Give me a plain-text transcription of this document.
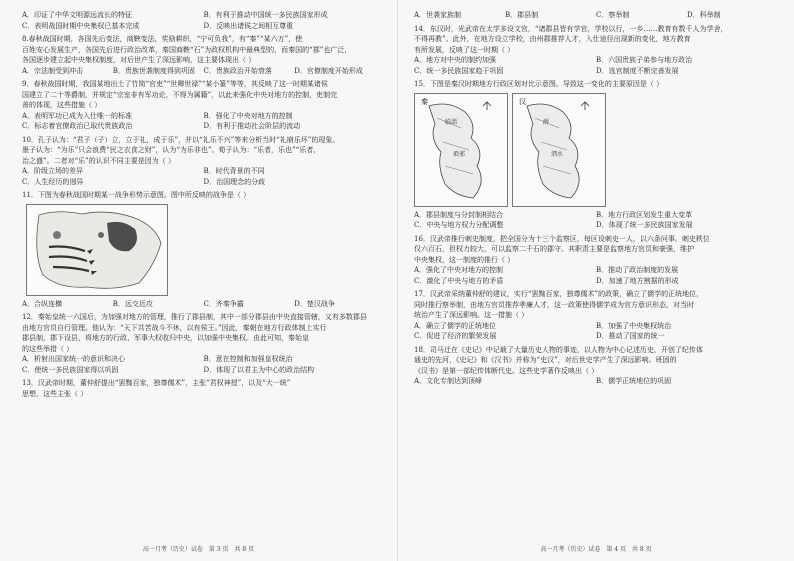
A．印证了中华文明源远流长的特征	B．有利于推动中国统一多民族国家形成
C．表明战国时期中央集权已基本完成	D．反映出诸侯之间相互尊重
8.春秋战国时期，各国先后变法，商鞅变法，奖励耕织，“宁可负我”，有“秦”“某六万”，使
百姓安心发展生产，各国先后进行政治改革，秦国商鞅“石”为政权机构中最典型的，而秦国的“郡”也广泛，
各国逐步建立起中央集权制度，对后世产生了深远影响，这主要体现出（ ）
A．宗法制受到冲击	B．贵族世袭制度得到巩固	C．贵族政治开始衰落	D．官僚制度开始形成
9．春秋战国时期，我国某地出土了竹简“官吏”“世卿世禄”“某小篆”等等，其反映了这一时期某诸侯
国建立了二十等爵制，并规定“宗室非有军功论，不得为属籍”，以此来强化中央对地方的控制，吏制完
善的体现，这些措施（ ）
A．表明军功已成为入仕唯一的标准	B．强化了中央对地方的控制
C．标志着官僚政治已取代贵族政治	D．有利于推动社会阶层的流动
10．孔子认为：“君子（子）立，立于礼，成于乐”，并以“礼乐不兴”等来分析当时“礼崩乐坏”的现象。
墨子认为：“为乐”只会浪费“民之衣食之财”，认为“为乐非也”。荀子认为：“乐者，乐也”“乐者，
治之盛”。二者对“乐”的认识不同主要是因为（ ）
A．阶级立场的差异	B．时代背景的不同
C．人生经历的迥异	D．治国理念的分歧
11．下图为春秋战国时期某一战争形势示意图。图中所反映的战争是（ ）
A．合纵连横	B．远交近攻	C．齐秦争霸	D．楚汉战争
12．秦始皇统一六国后，为加强对地方的管理，推行了郡县制，其中一部分郡县由中央直接管辖，又有多数郡县
由地方官员自行管理。他认为：“天下共苦战斗不休，以有侯王。”因此，秦朝在地方行政体制上实行
郡县制，郡下设县，将地方的行政、军事大权收归中央，以加强中央集权。由此可知，秦始皇
的这些举措（ ）
A．析射出国家统一的意识和决心	B．意在控制和加强皇权统治
C．使统一多民族国家得以巩固	D．体现了以君主为中心的政治结构
13．汉武帝时期，董仲舒提出“罢黜百家，独尊儒术”，主张“君权神授”，以及“大一统”
思想，这些主张（ ）
高一月考（历史）试卷　第 3 页　共 8 页
A．世袭家族制	B．郡县制	C．察举制	D．科举制
14．东汉时，光武帝在太学多设文官，“诸郡县皆有学官，学校以行，一乡……教育有数千人为学舍，
不得再教”。此外，在地方设立学校，由州郡推荐人才，入仕途径出现新的变化，地方教育
有所发展，反映了这一时期（ ）
A．地方对中央的制约加强	B．六国贵族子弟参与地方政治
C．统一多民族国家趋于巩固	D．选官制度不断完善发展
15．下图是秦汉时期地方行政区划对比示意图。导致这一变化的主要原因是（ ）
临淄
琅邪
秦
薛
泗水
汉
A．郡县制度与分封制相结合	B．地方行政区划发生重大变革
C．中央与地方权力分配调整	D．体现了统一多民族国家发展
16．汉武帝推行刺史制度，把全国分为十三个监察区，每区设刺史一人，以六条问事。刺史秩位
仅六百石，但权力较大，可以监察二千石的郡守。其职责主要是监察地方官员和豪强，维护
中央集权，这一制度的推行（ ）
A．强化了中央对地方的控制	B．推动了政治制度的发展
C．激化了中央与地方的矛盾	D．加速了地方割据的形成
17．汉武帝采纳董仲舒的建议，实行“罢黜百家，独尊儒术”的政策，确立了儒学的正统地位，
同时推行察举制，由地方官员推荐孝廉人才，这一政策使得儒学成为官方意识形态，对当时
统治产生了深远影响。这一措施（ ）
A．确立了儒学的正统地位	B．加强了中央集权统治
C．促进了经济的繁荣发展	D．推动了国家的统一
18．司马迁在《史记》中记载了大量历史人物的事迹，以人物为中心记述历史，开创了纪传体
通史的先河，《史记》和《汉书》并称为“史汉”，对后世史学产生了深远影响。班固的
《汉书》是第一部纪传体断代史。这些史学著作反映出（ ）
A．文化专制达到顶峰	B．儒学正统地位的巩固
高一月考（历史）试卷　第 4 页　共 8 页
